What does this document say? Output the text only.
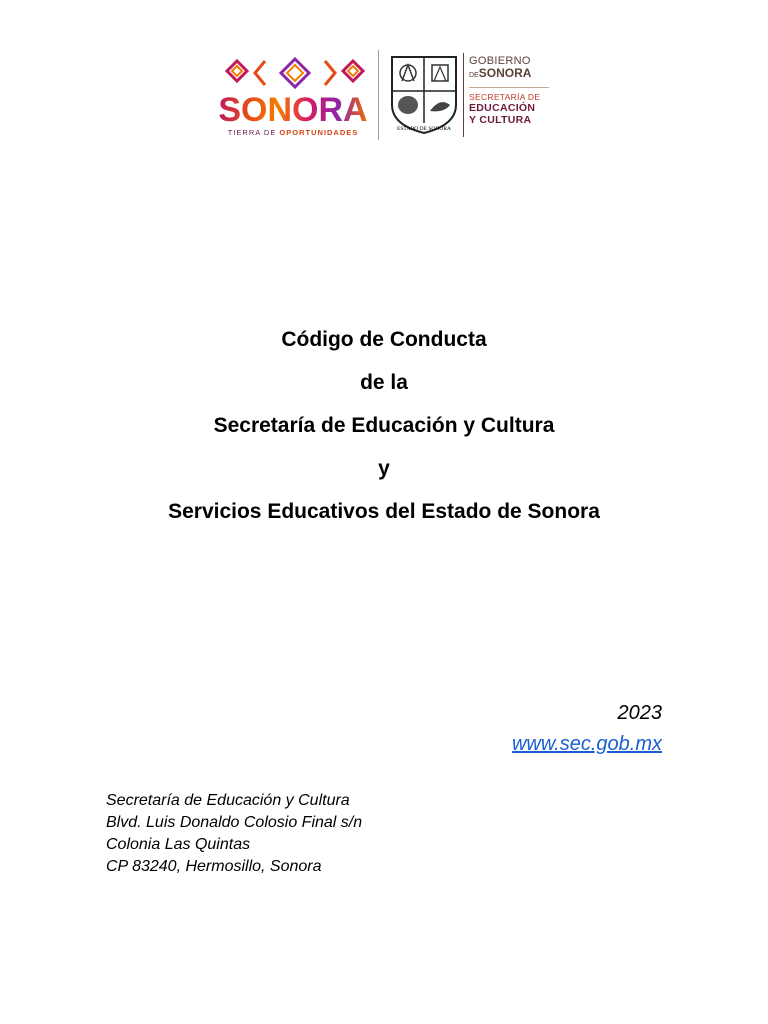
SONORA
TIERRA DE OPORTUNIDADES	ESTADO DE SONORA
GOBIERNO
DESONORA
SECRETARÍA DE
EDUCACIÓN
Y CULTURA
Código de Conducta
de la
Secretaría de Educación y Cultura
y
Servicios Educativos del Estado de Sonora
2023
www.sec.gob.mx
Secretaría de Educación y Cultura
Blvd. Luis Donaldo Colosio Final s/n
Colonia Las Quintas
CP 83240, Hermosillo, Sonora
